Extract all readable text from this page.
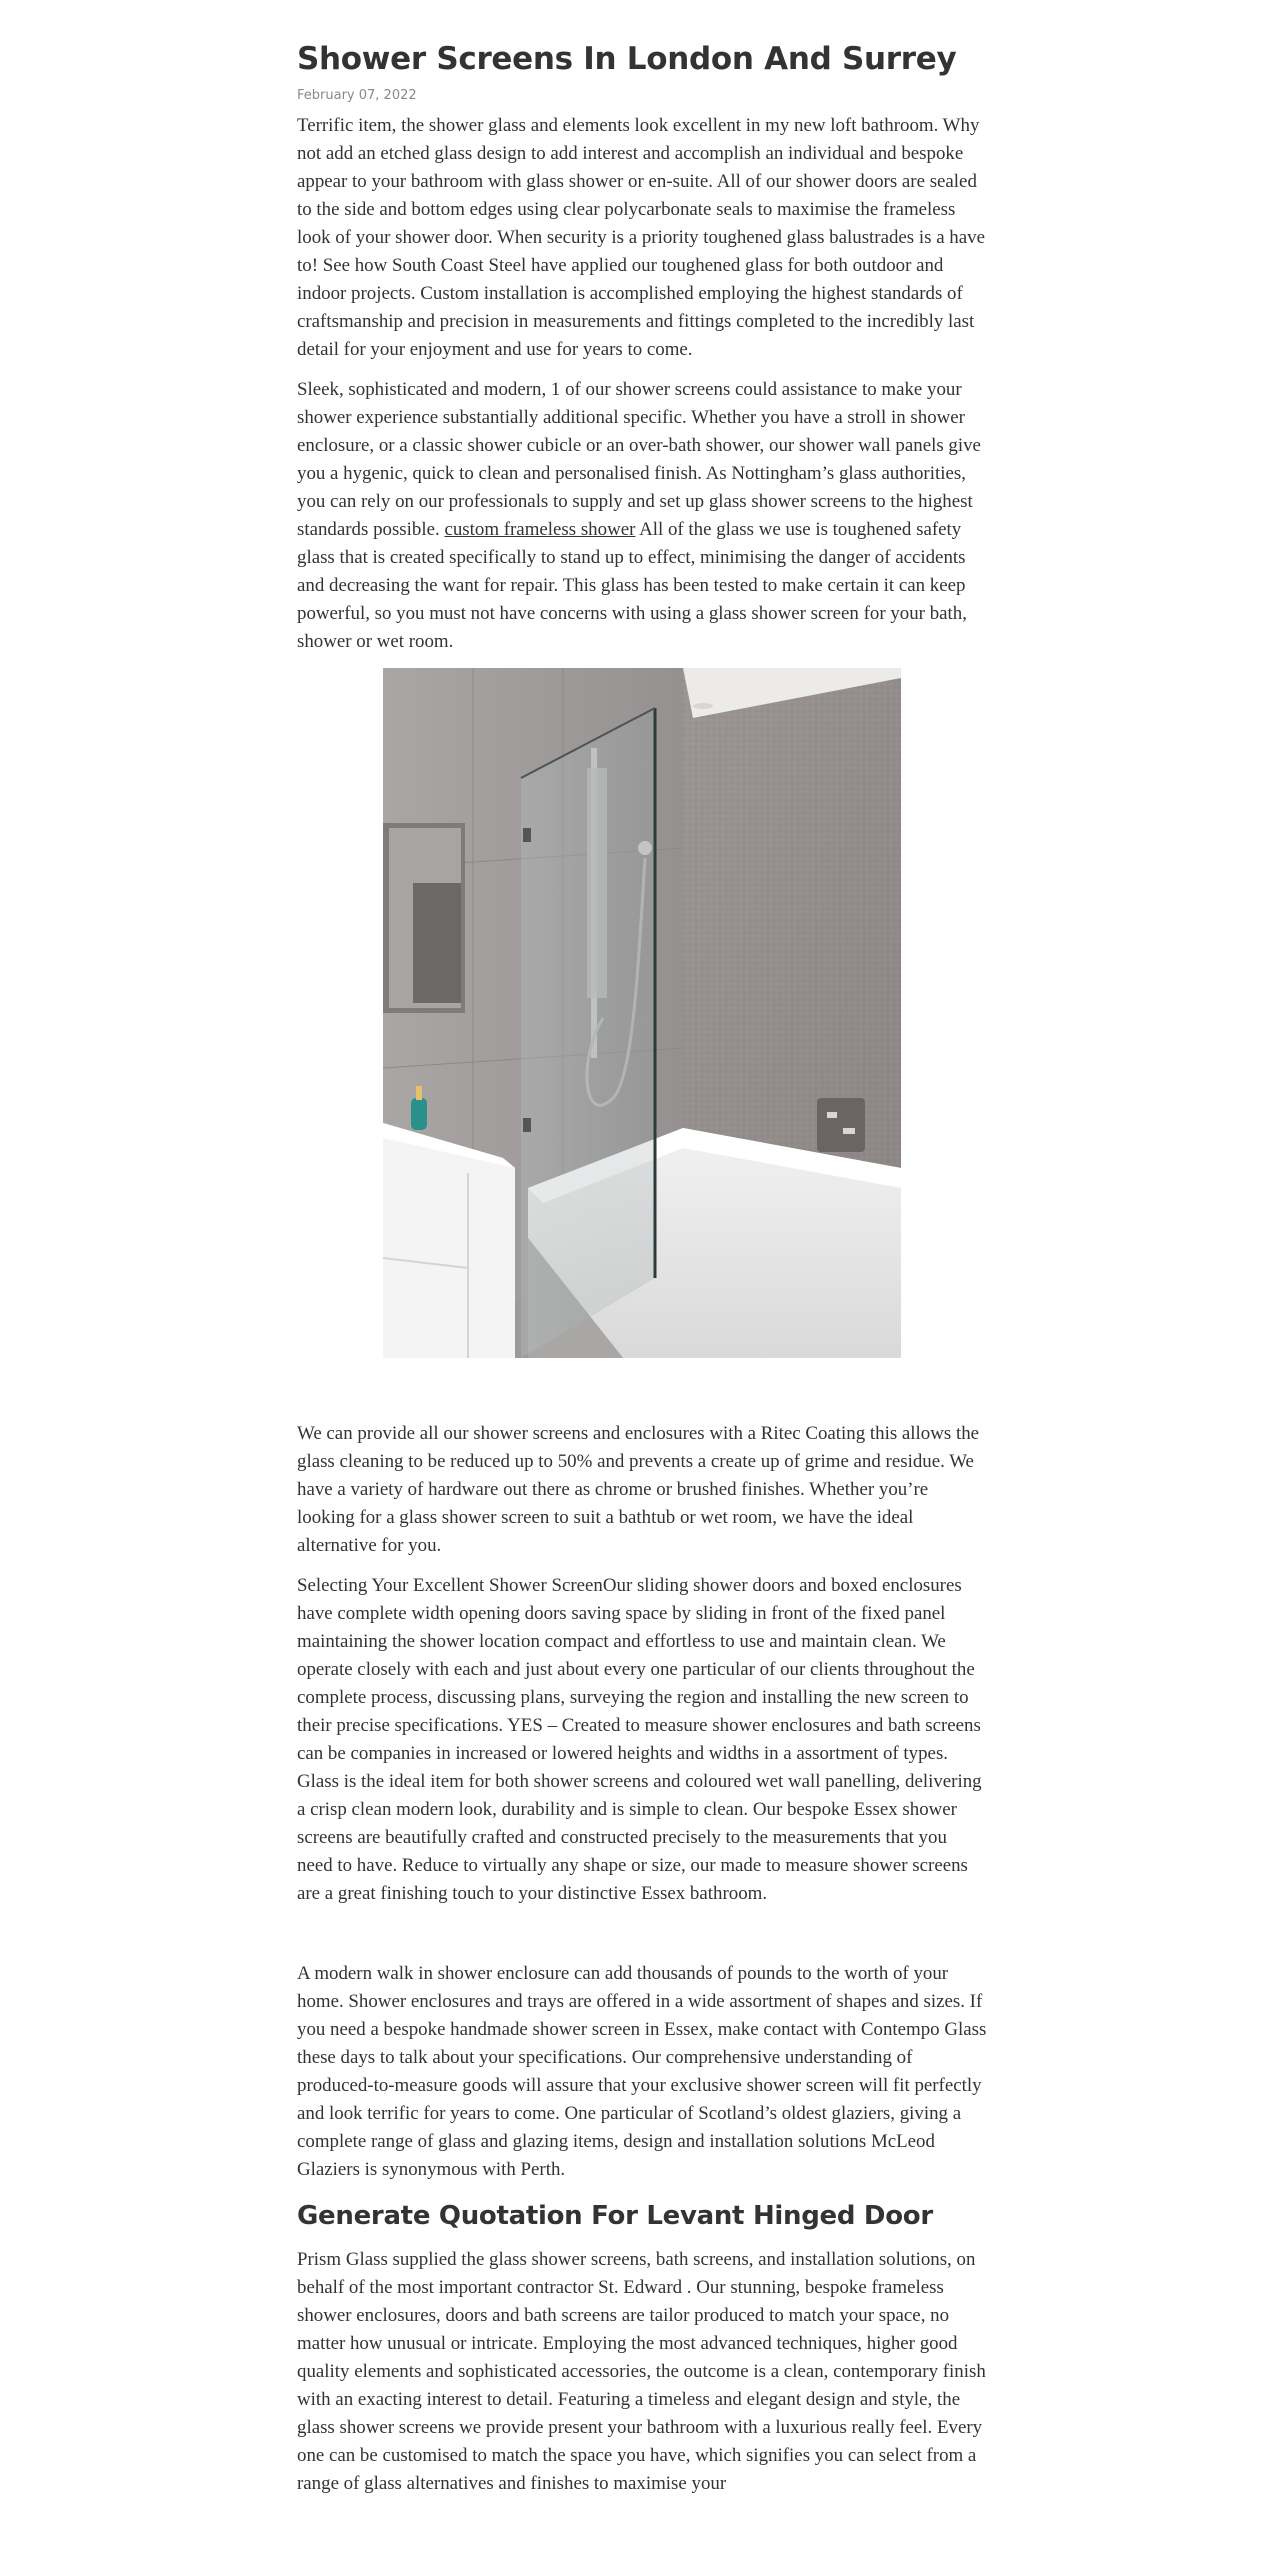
Shower Screens In London And Surrey
February 07, 2022

Terrific item, the shower glass and elements look excellent in my new loft bathroom. Why not add an etched glass design to add interest and accomplish an individual and bespoke appear to your bathroom with glass shower or en-suite. All of our shower doors are sealed to the side and bottom edges using clear polycarbonate seals to maximise the frameless look of your shower door. When security is a priority toughened glass balustrades is a have to! See how South Coast Steel have applied our toughened glass for both outdoor and indoor projects. Custom installation is accomplished employing the highest standards of craftsmanship and precision in measurements and fittings completed to the incredibly last detail for your enjoyment and use for years to come.

Sleek, sophisticated and modern, 1 of our shower screens could assistance to make your shower experience substantially additional specific. Whether you have a stroll in shower enclosure, or a classic shower cubicle or an over-bath shower, our shower wall panels give you a hygenic, quick to clean and personalised finish. As Nottingham’s glass authorities, you can rely on our professionals to supply and set up glass shower screens to the highest standards possible. custom frameless shower All of the glass we use is toughened safety glass that is created specifically to stand up to effect, minimising the danger of accidents and decreasing the want for repair. This glass has been tested to make certain it can keep powerful, so you must not have concerns with using a glass shower screen for your bath, shower or wet room.

We can provide all our shower screens and enclosures with a Ritec Coating this allows the glass cleaning to be reduced up to 50% and prevents a create up of grime and residue. We have a variety of hardware out there as chrome or brushed finishes. Whether you’re looking for a glass shower screen to suit a bathtub or wet room, we have the ideal alternative for you.

Selecting Your Excellent Shower ScreenOur sliding shower doors and boxed enclosures have complete width opening doors saving space by sliding in front of the fixed panel maintaining the shower location compact and effortless to use and maintain clean. We operate closely with each and just about every one particular of our clients throughout the complete process, discussing plans, surveying the region and installing the new screen to their precise specifications. YES – Created to measure shower enclosures and bath screens can be companies in increased or lowered heights and widths in a assortment of types. Glass is the ideal item for both shower screens and coloured wet wall panelling, delivering a crisp clean modern look, durability and is simple to clean. Our bespoke Essex shower screens are beautifully crafted and constructed precisely to the measurements that you need to have. Reduce to virtually any shape or size, our made to measure shower screens are a great finishing touch to your distinctive Essex bathroom.

A modern walk in shower enclosure can add thousands of pounds to the worth of your home. Shower enclosures and trays are offered in a wide assortment of shapes and sizes. If you need a bespoke handmade shower screen in Essex, make contact with Contempo Glass these days to talk about your specifications. Our comprehensive understanding of produced-to-measure goods will assure that your exclusive shower screen will fit perfectly and look terrific for years to come. One particular of Scotland’s oldest glaziers, giving a complete range of glass and glazing items, design and installation solutions McLeod Glaziers is synonymous with Perth.

Generate Quotation For Levant Hinged Door

Prism Glass supplied the glass shower screens, bath screens, and installation solutions, on behalf of the most important contractor St. Edward . Our stunning, bespoke frameless shower enclosures, doors and bath screens are tailor produced to match your space, no matter how unusual or intricate. Employing the most advanced techniques, higher good quality elements and sophisticated accessories, the outcome is a clean, contemporary finish with an exacting interest to detail. Featuring a timeless and elegant design and style, the glass shower screens we provide present your bathroom with a luxurious really feel. Every one can be customised to match the space you have, which signifies you can select from a range of glass alternatives and finishes to maximise your
